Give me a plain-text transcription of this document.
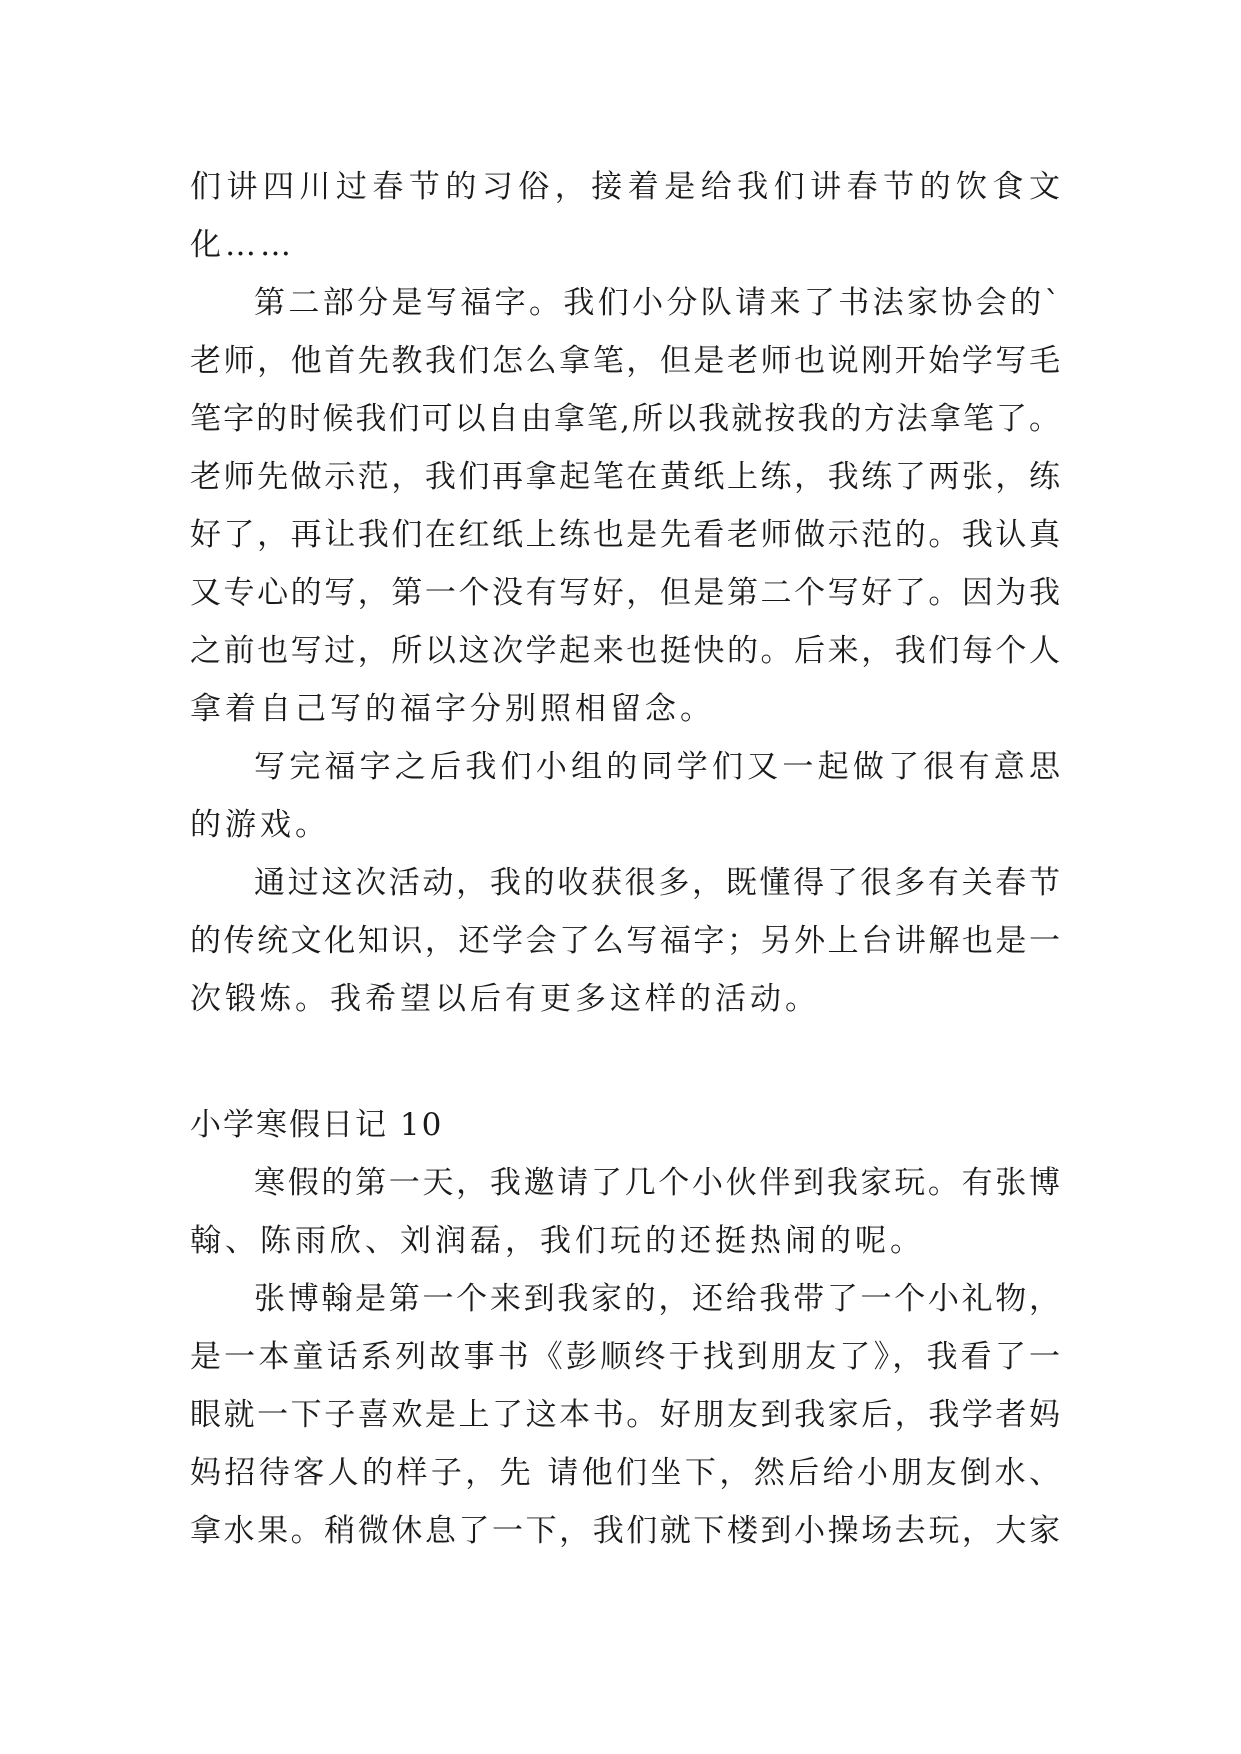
们讲四川过春节的习俗，接着是给我们讲春节的饮食文
化……
第二部分是写福字。我们小分队请来了书法家协会的`
老师，他首先教我们怎么拿笔，但是老师也说刚开始学写毛
笔字的时候我们可以自由拿笔,所以我就按我的方法拿笔了。
老师先做示范，我们再拿起笔在黄纸上练，我练了两张，练
好了，再让我们在红纸上练也是先看老师做示范的。我认真
又专心的写，第一个没有写好，但是第二个写好了。因为我
之前也写过，所以这次学起来也挺快的。后来，我们每个人
拿着自己写的福字分别照相留念。
写完福字之后我们小组的同学们又一起做了很有意思
的游戏。
通过这次活动，我的收获很多，既懂得了很多有关春节
的传统文化知识，还学会了么写福字；另外上台讲解也是一
次锻炼。我希望以后有更多这样的活动。
小学寒假日记 10
寒假的第一天，我邀请了几个小伙伴到我家玩。有张博
翰、陈雨欣、刘润磊，我们玩的还挺热闹的呢。
张博翰是第一个来到我家的，还给我带了一个小礼物，
是一本童话系列故事书《彭顺终于找到朋友了》，我看了一
眼就一下子喜欢是上了这本书。好朋友到我家后，我学者妈
妈招待客人的样子，先 请他们坐下，然后给小朋友倒水、
拿水果。稍微休息了一下，我们就下楼到小操场去玩，大家
